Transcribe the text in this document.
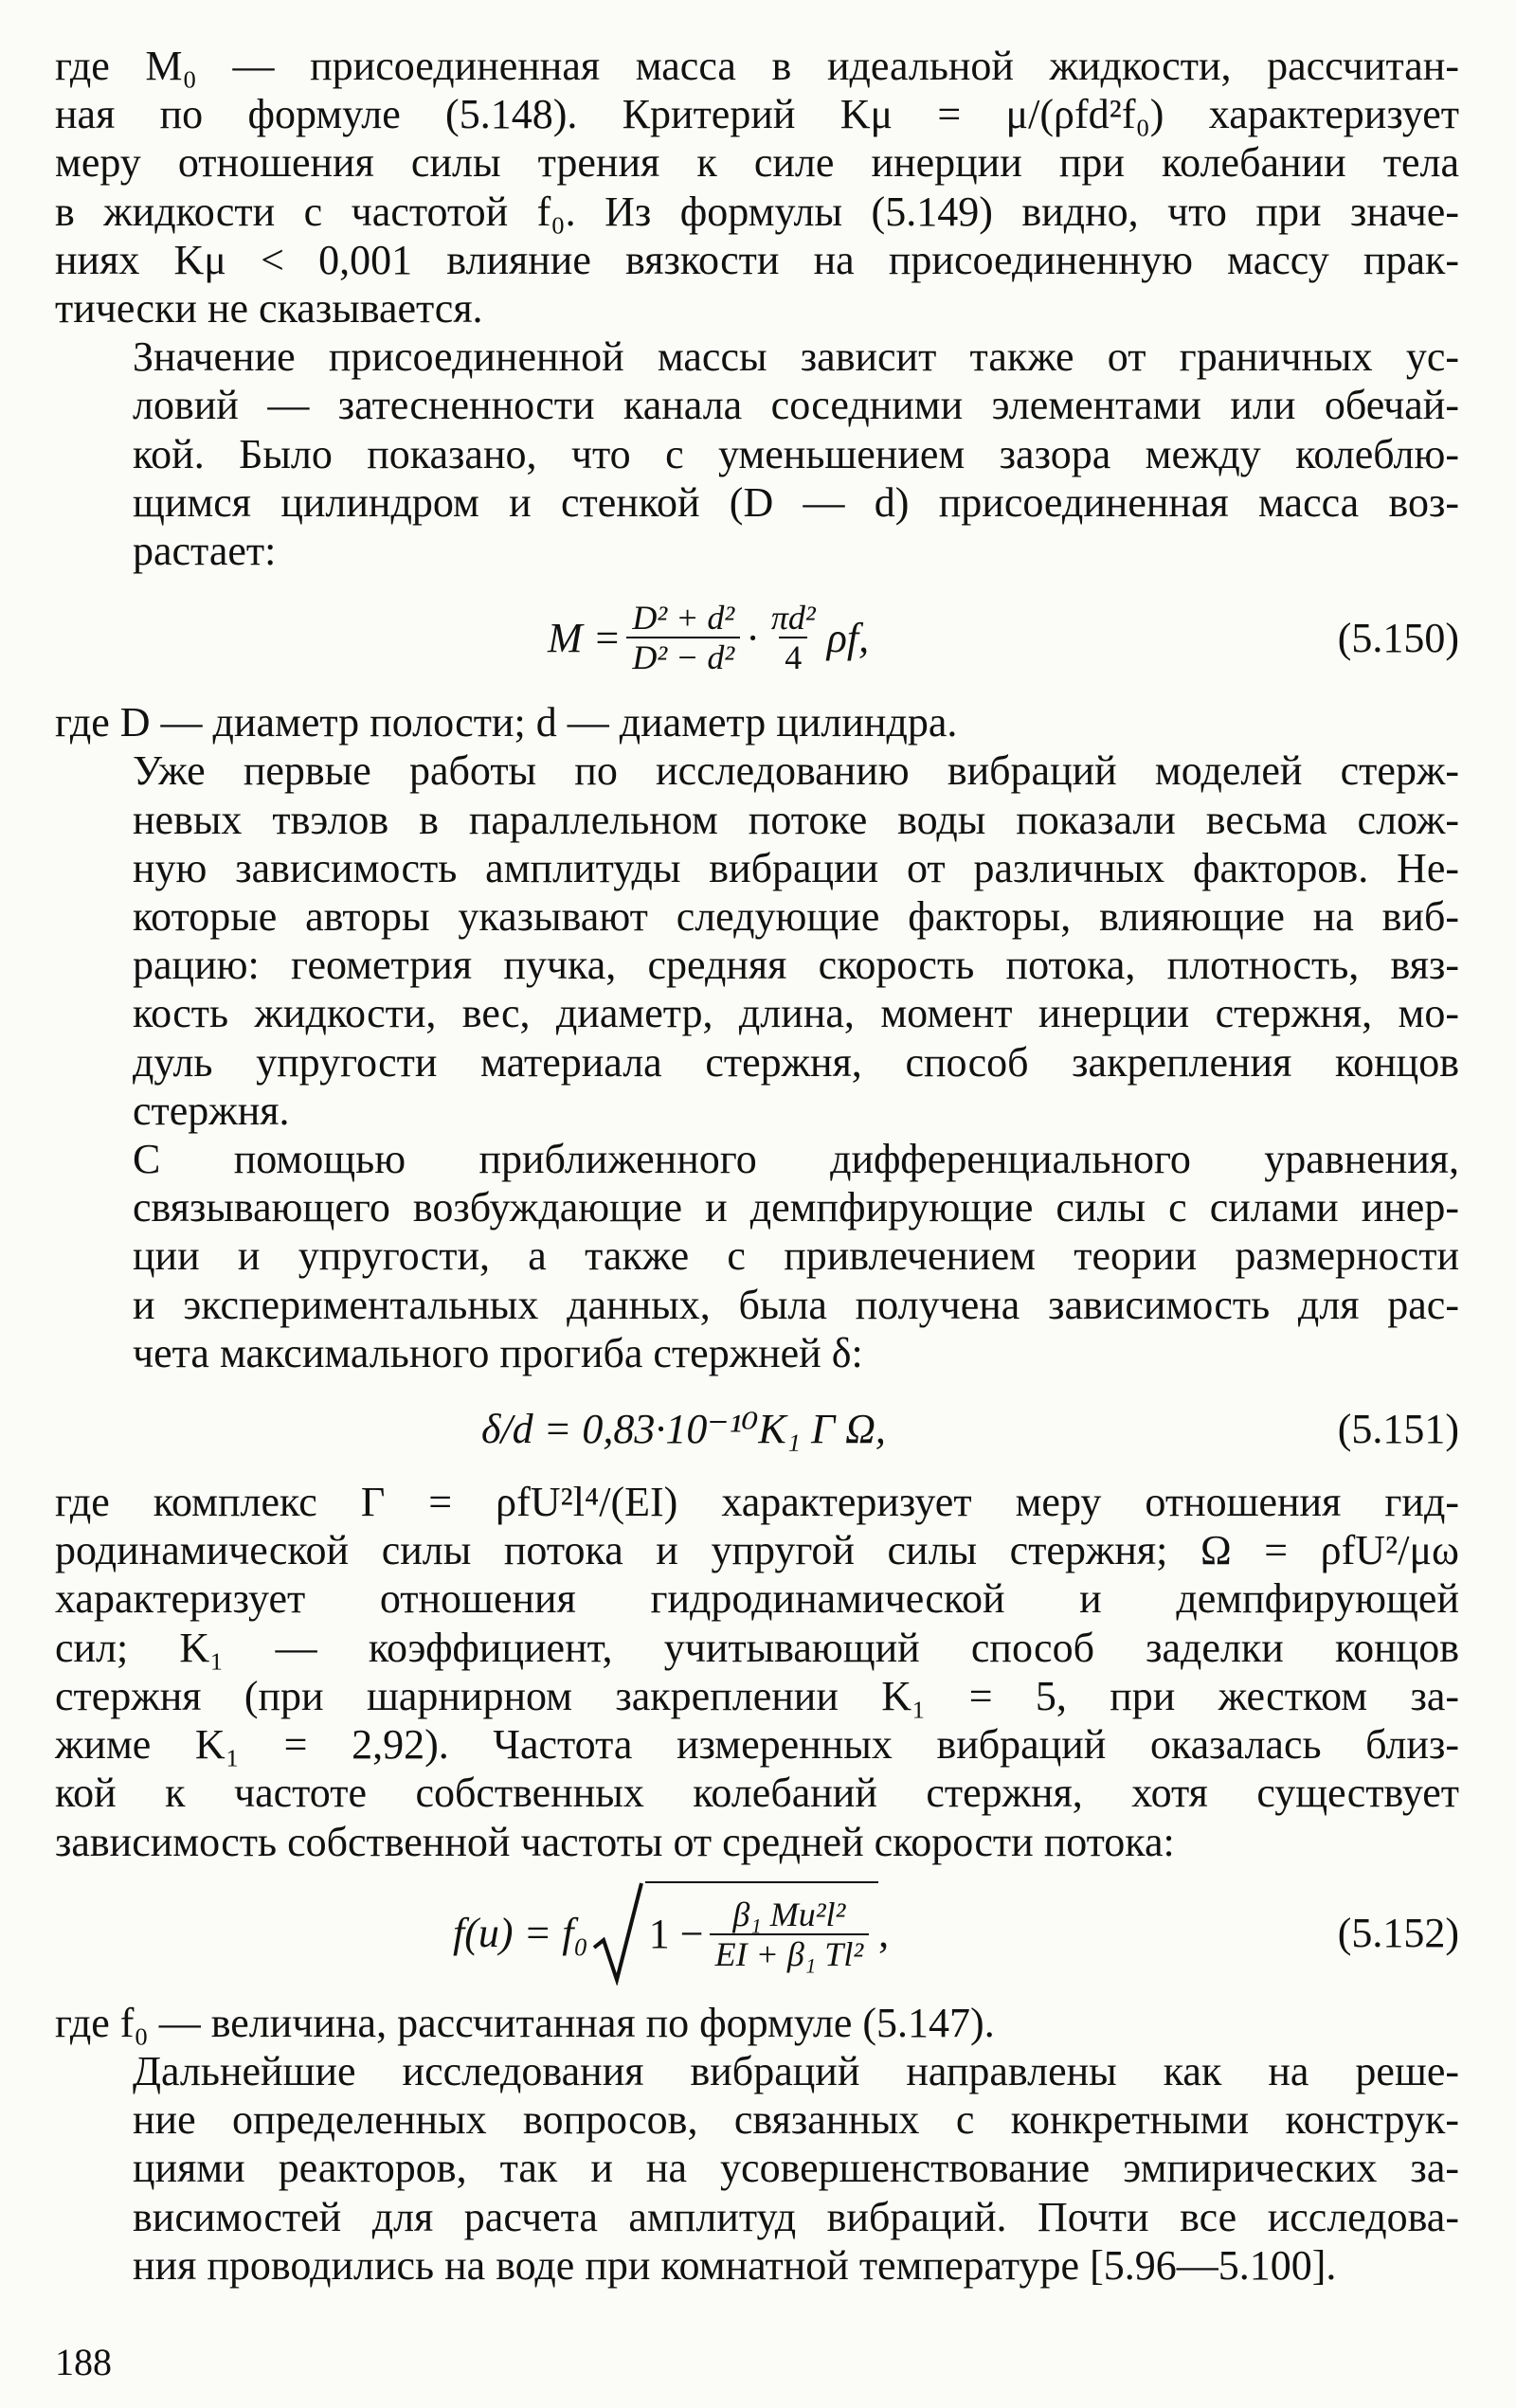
где M₀ — присоединенная масса в идеальной жидкости, рассчитан-
ная по формуле (5.148). Критерий Kμ = μ/(ρfd²f₀) характеризует
меру отношения силы трения к силе инерции при колебании тела
в жидкости с частотой f₀. Из формулы (5.149) видно, что при значе-
ниях Kμ < 0,001 влияние вязкости на присоединенную массу прак-
тически не сказывается.
Значение присоединенной массы зависит также от граничных ус-
ловий — затесненности канала соседними элементами или обечай-
кой. Было показано, что с уменьшением зазора между колеблю-
щимся цилиндром и стенкой (D — d) присоединенная масса воз-
растает:
$M = \frac{\text{D² + d²}}{\text{D² − d²}} \cdot \frac{\text{πd²}}{4} \rho f$,	(5.150)
где D — диаметр полости; d — диаметр цилиндра.
Уже первые работы по исследованию вибраций моделей стерж-
невых твэлов в параллельном потоке воды показали весьма слож-
ную зависимость амплитуды вибрации от различных факторов. Не-
которые авторы указывают следующие факторы, влияющие на виб-
рацию: геометрия пучка, средняя скорость потока, плотность, вяз-
кость жидкости, вес, диаметр, длина, момент инерции стержня, мо-
дуль упругости материала стержня, способ закрепления концов
стержня.
С помощью приближенного дифференциального уравнения,
связывающего возбуждающие и демпфирующие силы с силами инер-
ции и упругости, а также с привлечением теории размерности
и экспериментальных данных, была получена зависимость для рас-
чета максимального прогиба стержней δ:
δ/d = 0,83·10⁻¹⁰K₁ Г Ω,	(5.151)
где комплекс Г = ρfU²l⁴/(EI) характеризует меру отношения гид-
родинамической силы потока и упругой силы стержня; Ω = ρfU²/μω
характеризует отношения гидродинамической и демпфирующей
сил; K₁ — коэффициент, учитывающий способ заделки концов
стержня (при шарнирном закреплении K₁ = 5, при жестком за-
жиме K₁ = 2,92). Частота измеренных вибраций оказалась близ-
кой к частоте собственных колебаний стержня, хотя существует
зависимость собственной частоты от средней скорости потока:
f(u) = f₀ $1 - \frac{\text{β₁ Mu²l²}}{\text{EI + β₁ Tl²}}$ ,	(5.152)
где f₀ — величина, рассчитанная по формуле (5.147).
Дальнейшие исследования вибраций направлены как на реше-
ние определенных вопросов, связанных с конкретными конструк-
циями реакторов, так и на усовершенствование эмпирических за-
висимостей для расчета амплитуд вибраций. Почти все исследова-
ния проводились на воде при комнатной температуре [5.96—5.100].
188
